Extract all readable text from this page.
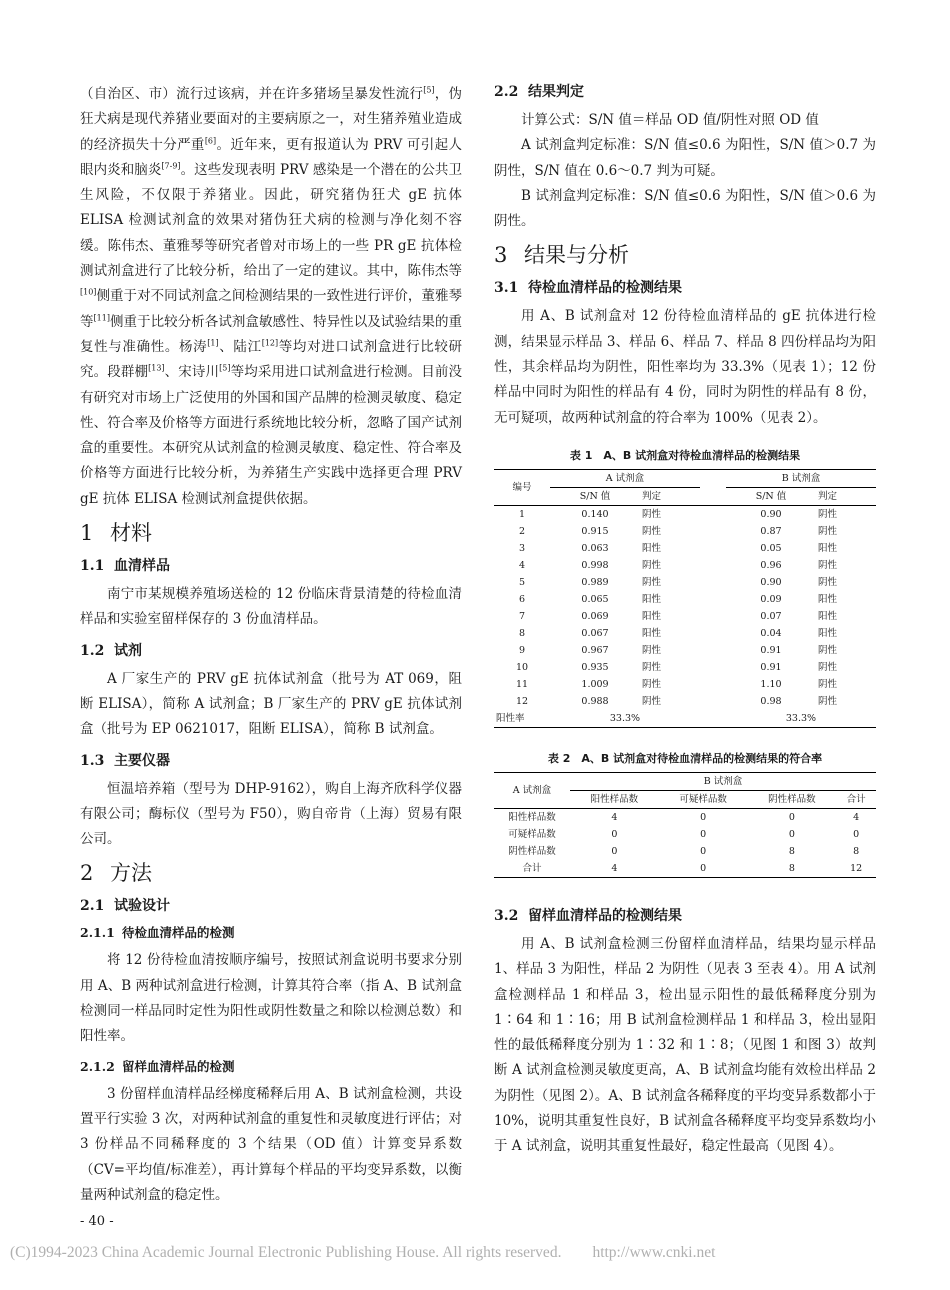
（自治区、市）流行过该病，并在许多猪场呈暴发性流行[5]，伪狂犬病是现代养猪业要面对的主要病原之一，对生猪养殖业造成的经济损失十分严重[6]。近年来，更有报道认为 PRV 可引起人眼内炎和脑炎[7-9]。这些发现表明 PRV 感染是一个潜在的公共卫生风险，不仅限于养猪业。因此，研究猪伪狂犬 gE 抗体 ELISA 检测试剂盒的效果对猪伪狂犬病的检测与净化刻不容缓。陈伟杰、董雅琴等研究者曾对市场上的一些 PR gE 抗体检测试剂盒进行了比较分析，给出了一定的建议。其中，陈伟杰等[10]侧重于对不同试剂盒之间检测结果的一致性进行评价，董雅琴等[11]侧重于比较分析各试剂盒敏感性、特异性以及试验结果的重复性与准确性。杨涛[1]、陆江[12]等均对进口试剂盒进行比较研究。段群棚[13]、宋诗川[5]等均采用进口试剂盒进行检测。目前没有研究对市场上广泛使用的外国和国产品牌的检测灵敏度、稳定性、符合率及价格等方面进行系统地比较分析，忽略了国产试剂盒的重要性。本研究从试剂盒的检测灵敏度、稳定性、符合率及价格等方面进行比较分析，为养猪生产实践中选择更合理 PRV gE 抗体 ELISA 检测试剂盒提供依据。

1 材料
1.1 血清样品

南宁市某规模养殖场送检的 12 份临床背景清楚的待检血清样品和实验室留样保存的 3 份血清样品。

1.2 试剂

A 厂家生产的 PRV gE 抗体试剂盒（批号为 AT 069，阻断 ELISA），简称 A 试剂盒；B 厂家生产的 PRV gE 抗体试剂盒（批号为 EP 0621017，阻断 ELISA），简称 B 试剂盒。

1.3 主要仪器

恒温培养箱（型号为 DHP-9162），购自上海齐欣科学仪器有限公司；酶标仪（型号为 F50），购自帝肯（上海）贸易有限公司。

2 方法
2.1 试验设计
2.1.1 待检血清样品的检测

将 12 份待检血清按顺序编号，按照试剂盒说明书要求分别用 A、B 两种试剂盒进行检测，计算其符合率（指 A、B 试剂盒检测同一样品同时定性为阳性或阴性数量之和除以检测总数）和阳性率。

2.1.2 留样血清样品的检测

3 份留样血清样品经梯度稀释后用 A、B 试剂盒检测，共设置平行实验 3 次，对两种试剂盒的重复性和灵敏度进行评估；对 3 份样品不同稀释度的 3 个结果（OD 值）计算变异系数（CV=平均值/标准差），再计算每个样品的平均变异系数，以衡量两种试剂盒的稳定性。

2.2 结果判定

计算公式：S/N 值＝样品 OD 值/阴性对照 OD 值

A 试剂盒判定标准：S/N 值≤0.6 为阳性，S/N 值＞0.7 为阴性，S/N 值在 0.6～0.7 判为可疑。

B 试剂盒判定标准：S/N 值≤0.6 为阳性，S/N 值＞0.6 为阴性。

3 结果与分析
3.1 待检血清样品的检测结果

用 A、B 试剂盒对 12 份待检血清样品的 gE 抗体进行检测，结果显示样品 3、样品 6、样品 7、样品 8 四份样品均为阳性，其余样品均为阴性，阳性率均为 33.3%（见表 1）；12 份样品中同时为阳性的样品有 4 份，同时为阴性的样品有 8 份，无可疑项，故两种试剂盒的符合率为 100%（见表 2）。

表 1　A、B 试剂盒对待检血清样品的检测结果
编号	A 试剂盒			B 试剂盒	
	S/N 值	判定		S/N 值	判定
1	0.140	阴性		0.90	阴性
2	0.915	阴性		0.87	阴性
3	0.063	阳性		0.05	阳性
4	0.998	阴性		0.96	阴性
5	0.989	阴性		0.90	阴性
6	0.065	阳性		0.09	阳性
7	0.069	阳性		0.07	阳性
8	0.067	阳性		0.04	阳性
9	0.967	阴性		0.91	阴性
10	0.935	阴性		0.91	阴性
11	1.009	阴性		1.10	阴性
12	0.988	阴性		0.98	阴性
阳性率	33.3%			33.3%	
表 2　A、B 试剂盒对待检血清样品的检测结果的符合率
A 试剂盒	B 试剂盒			
	阳性样品数	可疑样品数	阴性样品数	合计
阳性样品数	4	0	0	4
可疑样品数	0	0	0	0
阴性样品数	0	0	8	8
合计	4	0	8	12
3.2 留样血清样品的检测结果

用 A、B 试剂盒检测三份留样血清样品，结果均显示样品 1、样品 3 为阳性，样品 2 为阴性（见表 3 至表 4）。用 A 试剂盒检测样品 1 和样品 3，检出显示阳性的最低稀释度分别为 1∶64 和 1∶16；用 B 试剂盒检测样品 1 和样品 3，检出显阳性的最低稀释度分别为 1∶32 和 1∶8；（见图 1 和图 3）故判断 A 试剂盒检测灵敏度更高，A、B 试剂盒均能有效检出样品 2 为阴性（见图 2）。A、B 试剂盒各稀释度的平均变异系数都小于 10%，说明其重复性良好，B 试剂盒各稀释度平均变异系数均小于 A 试剂盒，说明其重复性最好，稳定性最高（见图 4）。

- 40 -
(C)1994-2023 China Academic Journal Electronic Publishing House. All rights reserved.　　http://www.cnki.net
